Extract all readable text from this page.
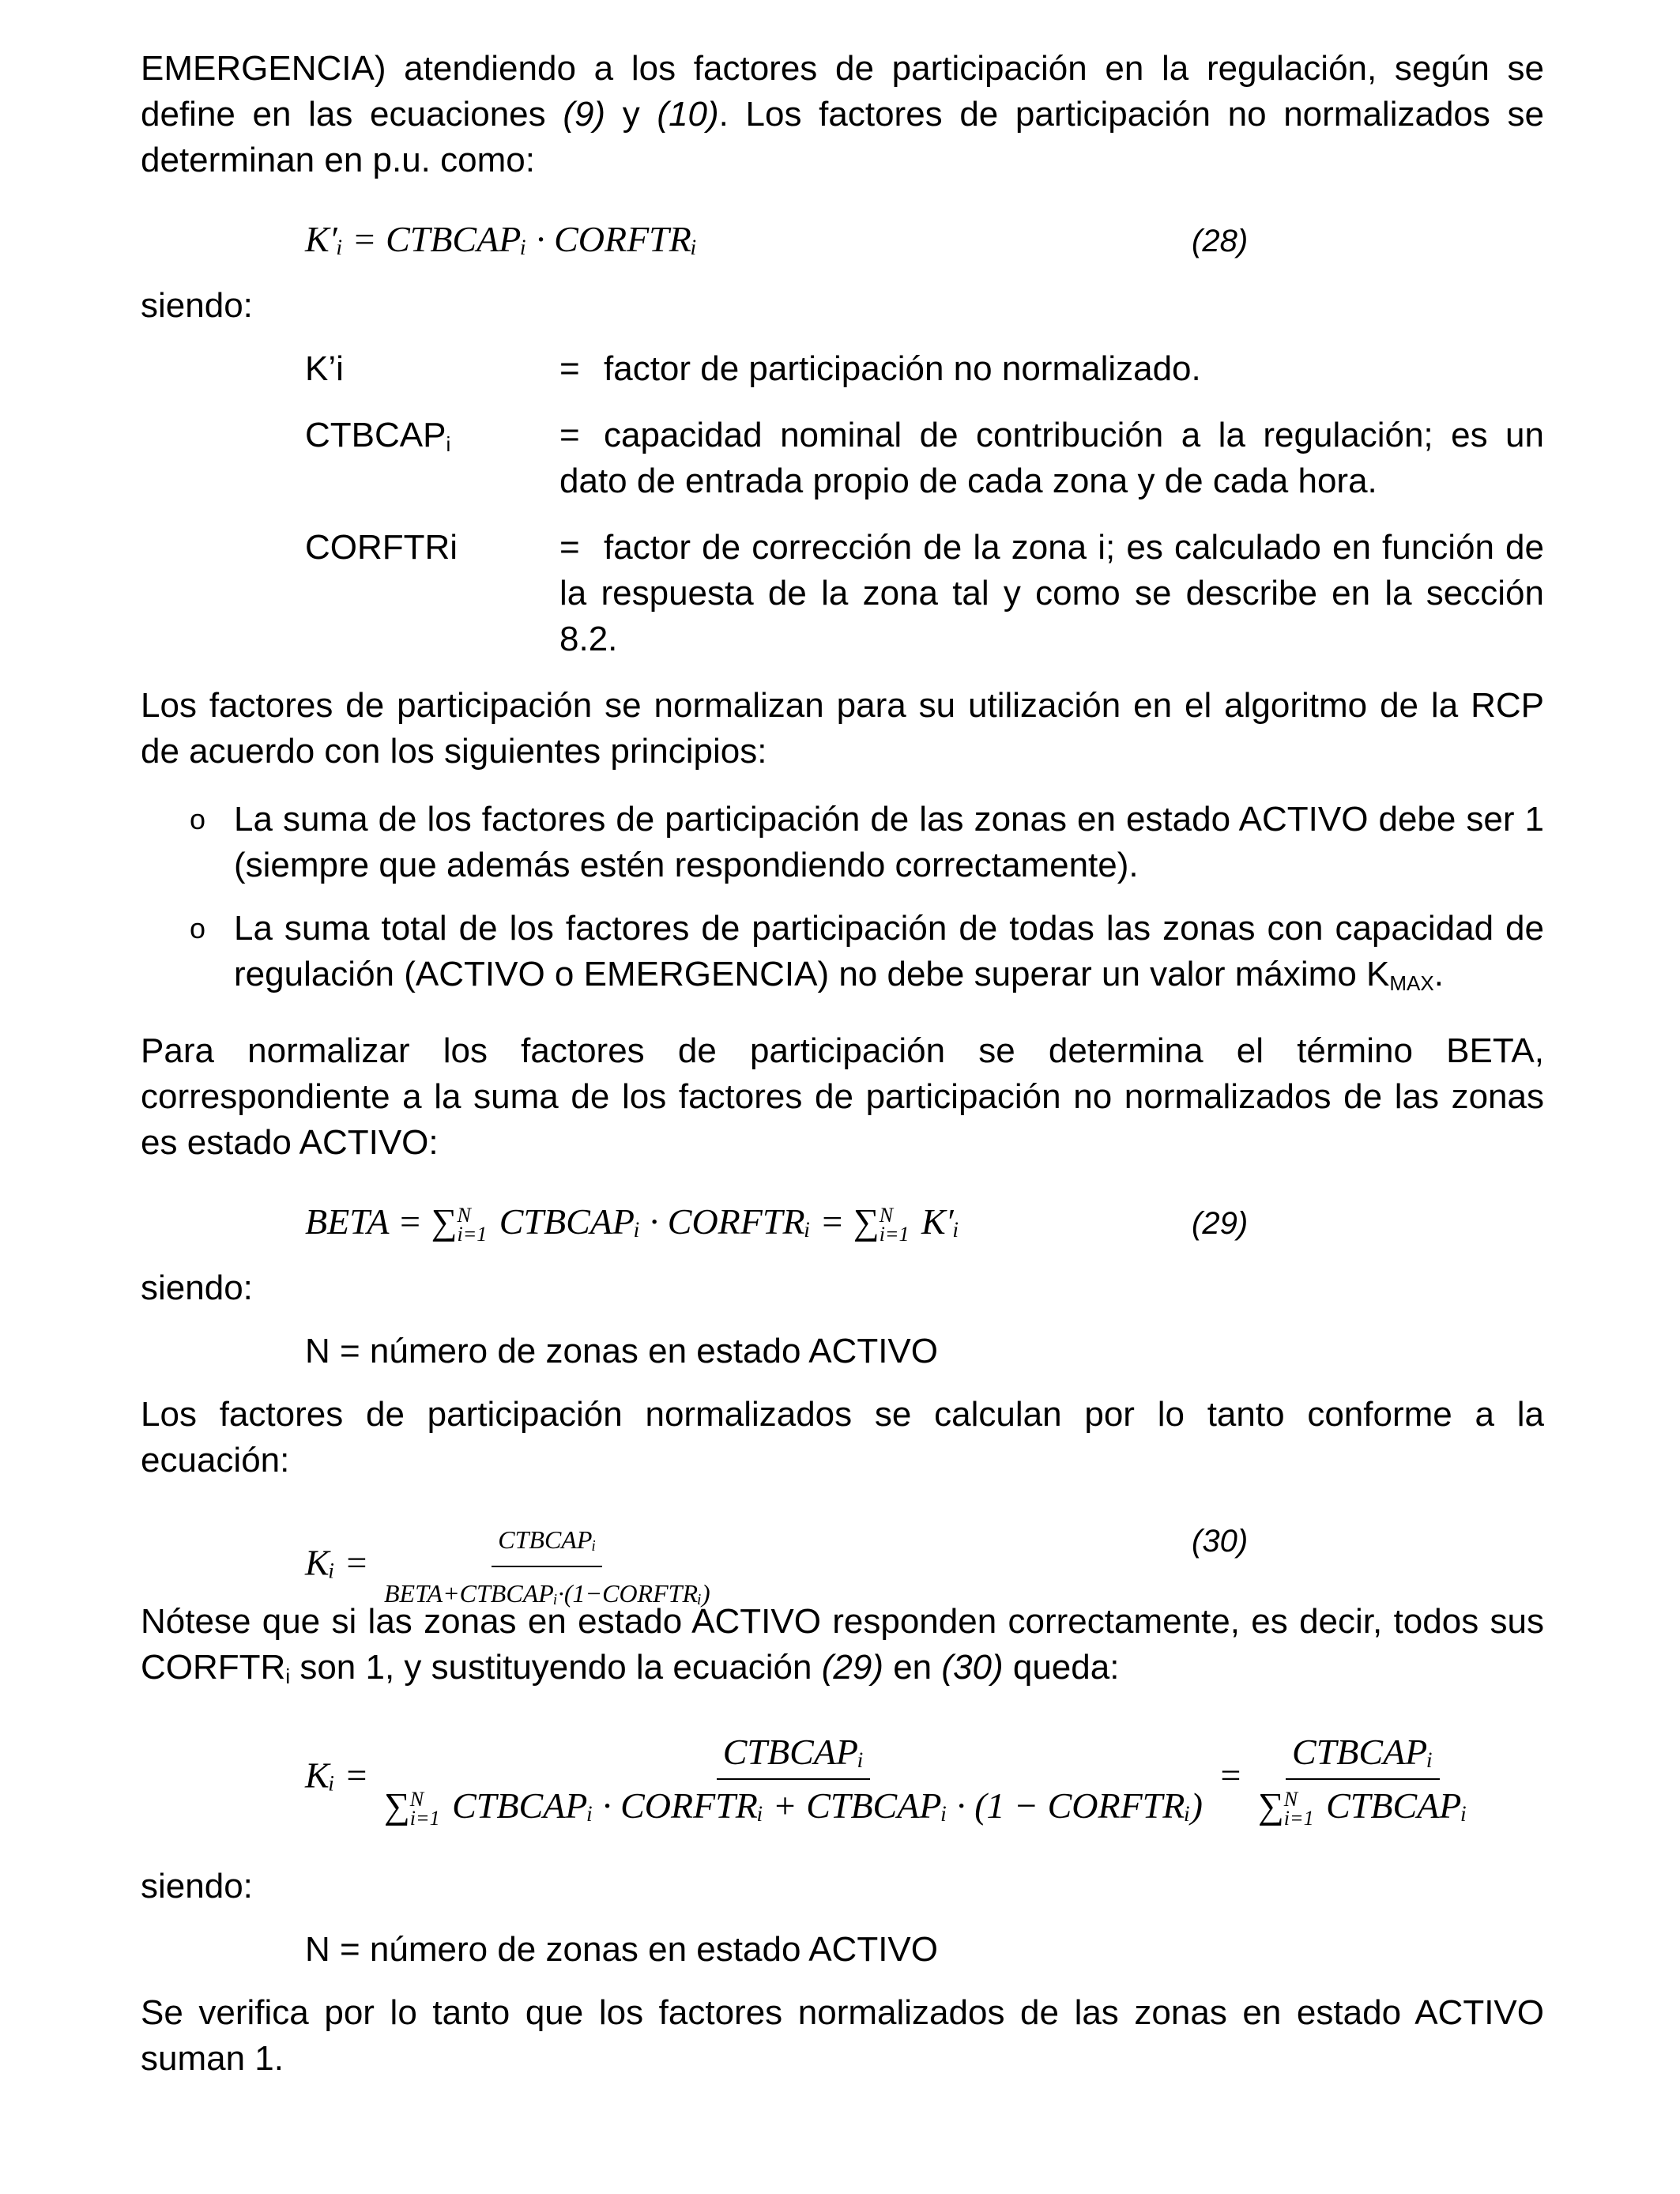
EMERGENCIA) atendiendo a los factores de participación en la regulación, según se define en las ecuaciones (9) y (10). Los factores de participación no normalizados se determinan en p.u. como:

K′ᵢ = CTBCAPᵢ · CORFTRᵢ	(28)

siendo:

K’i	= factor de participación no normalizado.
$CTBCAP_i$	= capacidad nominal de contribución a la regulación; es un dato de entrada propio de cada zona y de cada hora.
CORFTRi	= factor de corrección de la zona i; es calculado en función de la respuesta de la zona tal y como se describe en la sección 8.2.

Los factores de participación se normalizan para su utilización en el algoritmo de la RCP de acuerdo con los siguientes principios:

o La suma de los factores de participación de las zonas en estado ACTIVO debe ser 1 (siempre que además estén respondiendo correctamente).
o La suma total de los factores de participación de todas las zonas con capacidad de regulación (ACTIVO o EMERGENCIA) no debe superar un valor máximo $K_{MAX}$.

Para normalizar los factores de participación se determina el término BETA, correspondiente a la suma de los factores de participación no normalizados de las zonas es estado ACTIVO:

BETA = ∑ N
i=1 CTBCAPᵢ · CORFTRᵢ = ∑ N
i=1 K′ᵢ	(29)

siendo:

N = número de zonas en estado ACTIVO

Los factores de participación normalizados se calculan por lo tanto conforme a la ecuación:

Kᵢ = $\frac{\text{CTBCAPᵢ}}{\text{BETA+CTBCAPᵢ·(1−CORFTRᵢ)}}$	(30)

Nótese que si las zonas en estado ACTIVO responden correctamente, es decir, todos sus $CORFTR_i$ son 1, y sustituyendo la ecuación (29) en (30) queda:

Kᵢ = CTBCAPᵢ
∑ N
i=1 CTBCAPᵢ · CORFTRᵢ + CTBCAPᵢ · (1 − CORFTRᵢ) = CTBCAPᵢ
∑ N
i=1 CTBCAPᵢ

siendo:

N = número de zonas en estado ACTIVO

Se verifica por lo tanto que los factores normalizados de las zonas en estado ACTIVO suman 1.
